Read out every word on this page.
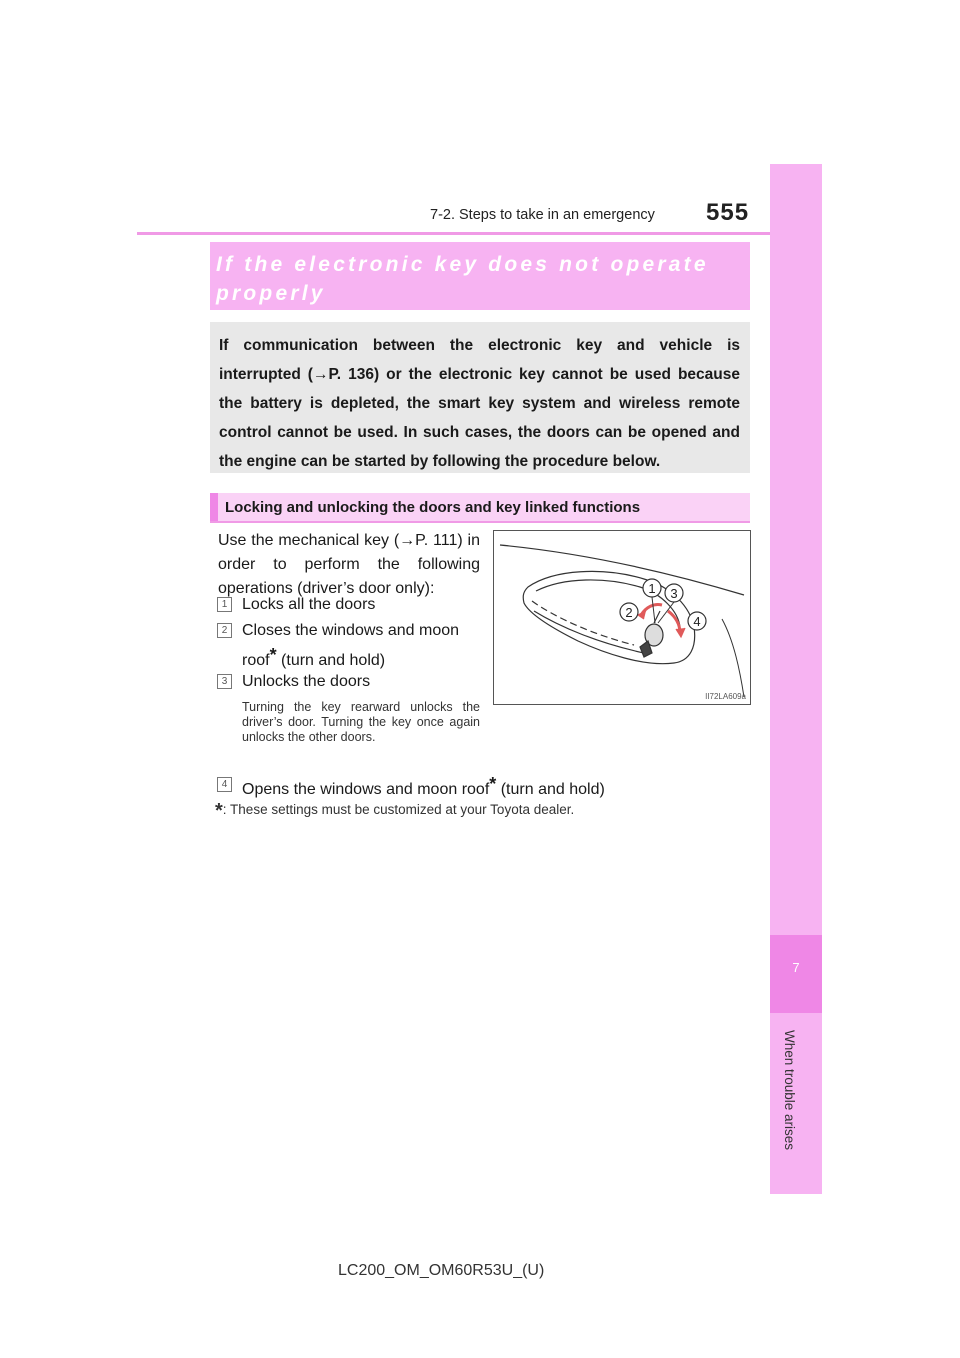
7-2. Steps to take in an emergency 555
7
When trouble arises
If the electronic key does not operate
properly
If communication between the electronic key and vehicle is interrupted (→P. 136) or the electronic key cannot be used because the battery is depleted, the smart key system and wireless remote control cannot be used. In such cases, the doors can be opened and the engine can be started by following the procedure below.
Locking and unlocking the doors and key linked functions
Use the mechanical key (→P. 111) in order to perform the following operations (driver’s door only):
1 Locks all the doors
2 Closes the windows and moon
roof* (turn and hold)
3 Unlocks the doors
Turning the key rearward unlocks the driver’s door. Turning the key once again unlocks the other doors.
4 Opens the windows and moon roof* (turn and hold)
*: These settings must be customized at your Toyota dealer.
1 3
2
4
II72LA609a
LC200_OM_OM60R53U_(U)
